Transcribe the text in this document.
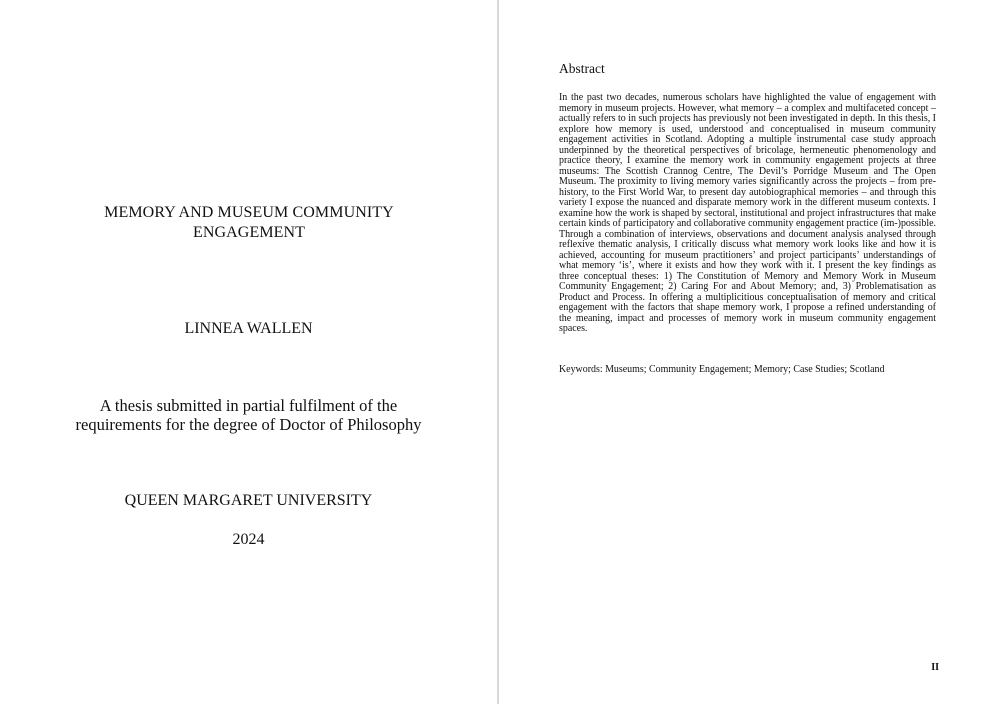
MEMORY AND MUSEUM COMMUNITY ENGAGEMENT

LINNEA WALLEN

A thesis submitted in partial fulfilment of the
requirements for the degree of Doctor of Philosophy

QUEEN MARGARET UNIVERSITY

2024

Abstract

In the past two decades, numerous scholars have highlighted the value of engagement with memory in museum projects. However, what memory – a complex and multifaceted concept – actually refers to in such projects has previously not been investigated in depth. In this thesis, I explore how memory is used, understood and conceptualised in museum community engagement activities in Scotland. Adopting a multiple instrumental case study approach underpinned by the theoretical perspectives of bricolage, hermeneutic phenomenology and practice theory, I examine the memory work in community engagement projects at three museums: The Scottish Crannog Centre, The Devil’s Porridge Museum and The Open Museum. The proximity to living memory varies significantly across the projects – from pre-history, to the First World War, to present day autobiographical memories – and through this variety I expose the nuanced and disparate memory work in the different museum contexts. I examine how the work is shaped by sectoral, institutional and project infrastructures that make certain kinds of participatory and collaborative community engagement practice (im-)possible. Through a combination of interviews, observations and document analysis analysed through reflexive thematic analysis, I critically discuss what memory work looks like and how it is achieved, accounting for museum practitioners’ and project participants’ understandings of what memory ‘is’, where it exists and how they work with it. I present the key findings as three conceptual theses: 1) The Constitution of Memory and Memory Work in Museum Community Engagement; 2) Caring For and About Memory; and, 3) Problematisation as Product and Process. In offering a multiplicitious conceptualisation of memory and critical engagement with the factors that shape memory work, I propose a refined understanding of the meaning, impact and processes of memory work in museum community engagement spaces.

Keywords: Museums; Community Engagement; Memory; Case Studies; Scotland

II
